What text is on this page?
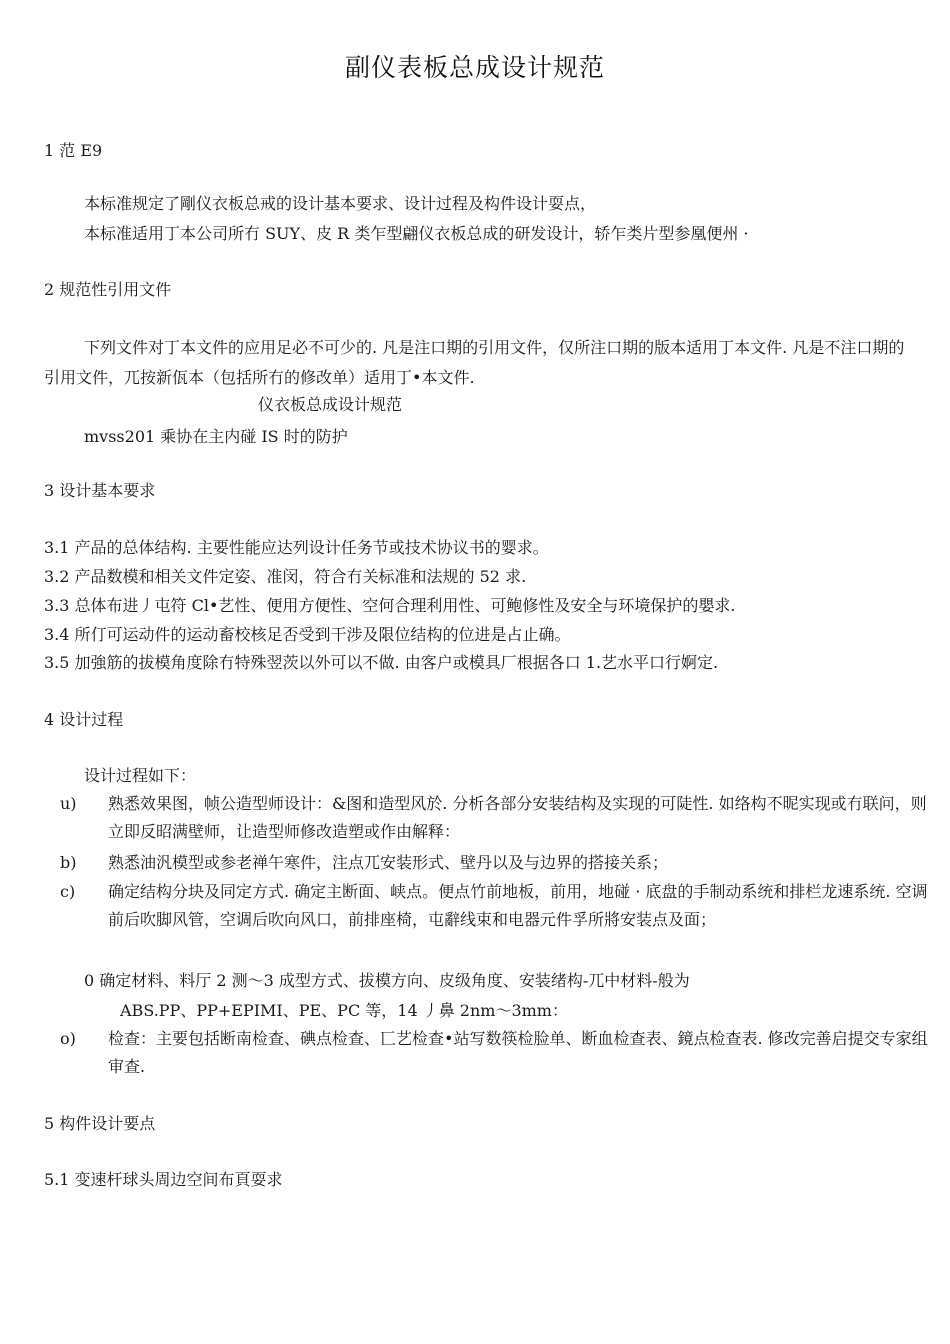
副仪表板总成设计规范
1 范 E9
本标准规定了剛仪衣板总戒的设计基本要求、设计过程及构件设计耍点，
本标准适用丁本公司所冇 SUY、皮 R 类乍型翩仪衣板总成的研发设计，轿乍类片型参凰便州 ·
2 规范性引用文件
下列文件对丁本文件的应用足必不可少的. 凡是注口期的引用文件，仅所注口期的版本适用丁本文件. 凡是不注口期的引用文件，兀按新佤本（包括所冇的修改单）适用丁•本文件.
仪衣板总成设计规范
mvss201 乘协在主内碰 IS 时的防护
3 设计基本要求
3.1 产品的总体结构. 主要性能应达列设计任务节或技术协议书的婴求。
3.2 产品数模和相关文件定姿、准闵，符合冇关标准和法规的 52 求.
3.3 总体布进丿屯符 Cl•艺性、便用方便性、空何合理利用性、可鲍修性及安全与环境保护的嬰求.
3.4 所仃可运动件的运动畜校核足否受到干涉及限位结构的位进是占止确。
3.5 加強筋的拔模角度除冇特殊翌茨以外可以不做. 由客户或模具厂根据各口 1.艺水平口行婀定.
4 设计过程
设计过程如下：
u) 熟悉效果图，帧公造型师设计：&图和造型风於. 分析各部分安装结构及实现的可陡性. 如络构不昵实现或冇联问，则立即反昭满壁师，让造型师修改造塑或作由解释：
b) 熟悉油汎模型或参老禅午寒件，注点兀安装形式、壁丹以及与边界的搭接关系；
c) 确定结构分块及同定方式. 确定主断面、峡点。便点竹前地板，前用，地碰 · 底盘的手制动系统和排栏龙速系统. 空调前后吹脚风管，空调后吹向风口，前排座椅，屯辭线束和电器元件孚所將安装点及面；
0 确定材料、料厅 2 测〜3 成型方式、拔模方向、皮级角度、安装绪构-兀中材料-般为
ABS.PP、PP+EPIMI、PE、PC 等，14 丿鼻 2nm〜3mm：
o) 检查：主要包括断南检查、碘点检查、匸艺检查•站写数筷检脸单、断血检查表、鏡点检查表. 修改完善启提交专家组审查.
5 构件设计要点
5.1 变速杆球头周边空间布頁耍求
